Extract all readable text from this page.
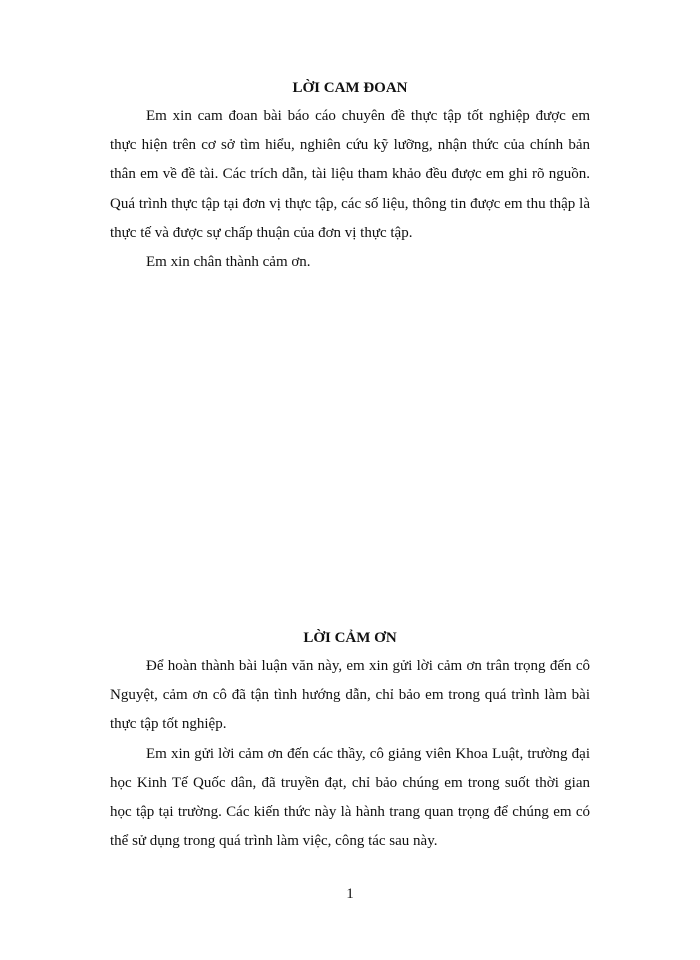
LỜI CAM ĐOAN

Em xin cam đoan bài báo cáo chuyên đề thực tập tốt nghiệp được em thực hiện trên cơ sở tìm hiểu, nghiên cứu kỹ lưỡng, nhận thức của chính bản thân em về đề tài. Các trích dẫn, tài liệu tham khảo đều được em ghi rõ nguồn. Quá trình thực tập tại đơn vị thực tập, các số liệu, thông tin được em thu thập là thực tế và được sự chấp thuận của đơn vị thực tập.

Em xin chân thành cảm ơn.

LỜI CẢM ƠN

Để hoàn thành bài luận văn này, em xin gửi lời cảm ơn trân trọng đến cô Nguyệt, cảm ơn cô đã tận tình hướng dẫn, chỉ bảo em trong quá trình làm bài thực tập tốt nghiệp.

Em xin gửi lời cảm ơn đến các thầy, cô giảng viên Khoa Luật, trường đại học Kinh Tế Quốc dân, đã truyền đạt, chỉ bảo chúng em trong suốt thời gian học tập tại trường. Các kiến thức này là hành trang quan trọng để chúng em có thể sử dụng trong quá trình làm việc, công tác sau này.

1
